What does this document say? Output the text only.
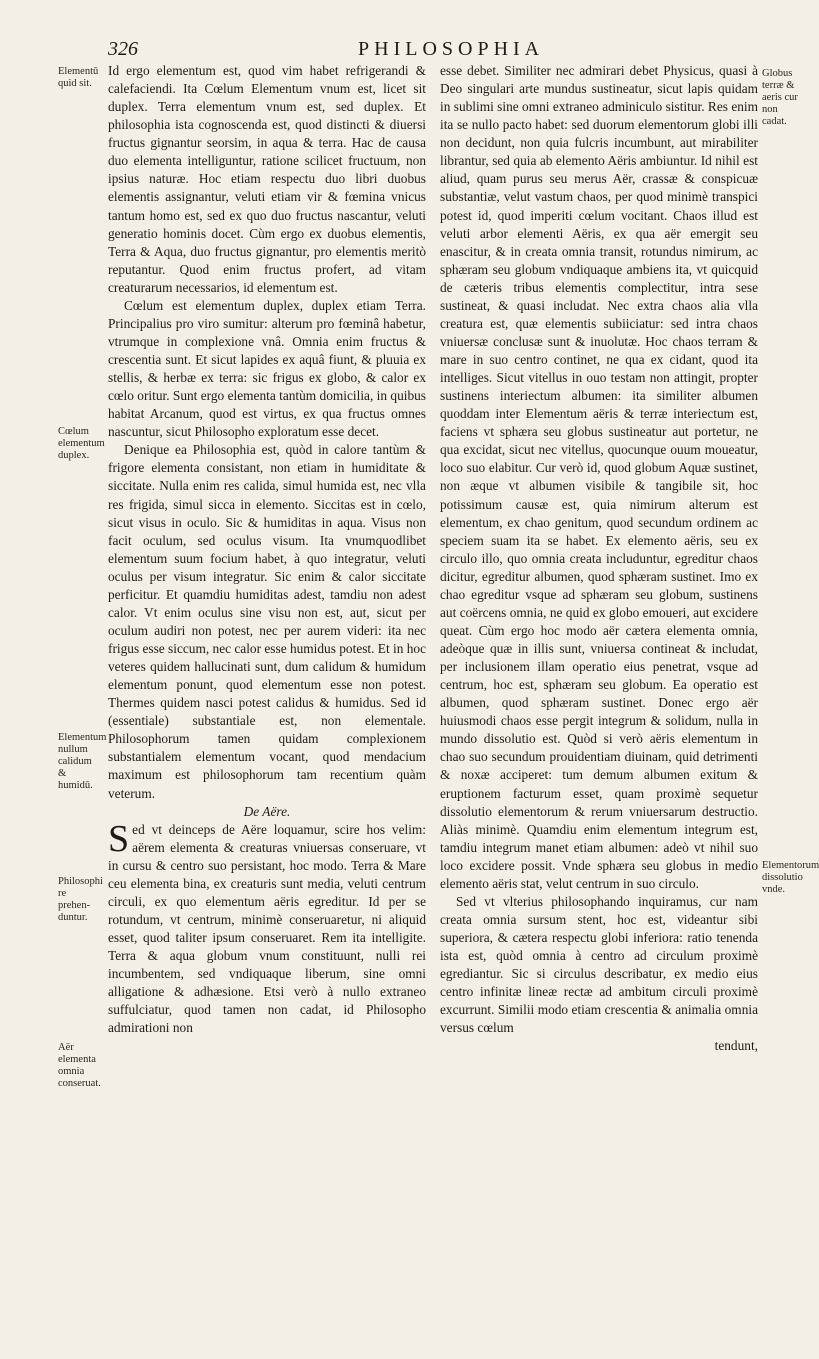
326	PHILOSOPHIA
Elementū quid sit.
Cœlum elementum duplex.
Elementum nullum calidum & humidū.
Philosophi re prehen- duntur.
Aër elementa omnia conseruat.
Globus terræ & aeris cur non cadat.
Elementorum dissolutio vnde.

Id ergo elementum est, quod vim habet refrigerandi & calefaciendi. Ita Cœlum Elementum vnum est, licet sit duplex. Terra elementum vnum est, sed duplex. Et philosophia ista cognoscenda est, quod distincti & diuersi fructus gignantur seorsim, in aqua & terra. Hac de causa duo elementa intelliguntur, ratione scilicet fructuum, non ipsius naturæ. Hoc etiam respectu duo libri duobus elementis assignantur, veluti etiam vir & fœmina vnicus tantum homo est, sed ex quo duo fructus nascantur, veluti generatio hominis docet. Cùm ergo ex duobus elementis, Terra & Aqua, duo fructus gignantur, pro elementis meritò reputantur. Quod enim fructus profert, ad vitam creaturarum necessarios, id elementum est.

Cœlum est elementum duplex, duplex etiam Terra. Principalius pro viro sumitur: alterum pro fœminâ habetur, vtrumque in complexione vnâ. Omnia enim fructus & crescentia sunt. Et sicut lapides ex aquâ fiunt, & pluuia ex stellis, & herbæ ex terra: sic frigus ex globo, & calor ex cœlo oritur. Sunt ergo elementa tantùm domicilia, in quibus habitat Arcanum, quod est virtus, ex qua fructus omnes nascuntur, sicut Philosopho exploratum esse decet.

Denique ea Philosophia est, quòd in calore tantùm & frigore elementa consistant, non etiam in humiditate & siccitate. Nulla enim res calida, simul humida est, nec vlla res frigida, simul sicca in elemento. Siccitas est in cœlo, sicut visus in oculo. Sic & humiditas in aqua. Visus non facit oculum, sed oculus visum. Ita vnumquodlibet elementum suum focium habet, à quo integratur, veluti oculus per visum integratur. Sic enim & calor siccitate perficitur. Et quamdiu humiditas adest, tamdiu non adest calor. Vt enim oculus sine visu non est, aut, sicut per oculum audiri non potest, nec per aurem videri: ita nec frigus esse siccum, nec calor esse humidus potest. Et in hoc veteres quidem hallucinati sunt, dum calidum & humidum elementum ponunt, quod elementum esse non potest. Thermes quidem nasci potest calidus & humidus. Sed id (essentiale) substantiale est, non elementale. Philosophorum tamen quidam complexionem substantialem elementum vocant, quod mendacium maximum est philosophorum tam recentium quàm veterum.

De Aëre.

Sed vt deinceps de Aëre loquamur, scire hos velim: aërem elementa & creaturas vniuersas conseruare, vt in cursu & centro suo persistant, hoc modo. Terra & Mare ceu elementa bina, ex creaturis sunt media, veluti centrum circuli, ex quo elementum aëris egreditur. Id per se rotundum, vt centrum, minimè conseruaretur, ni aliquid esset, quod taliter ipsum conseruaret. Rem ita intelligite. Terra & aqua globum vnum constituunt, nulli rei incumbentem, sed vndiquaque liberum, sine omni alligatione & adhæsione. Etsi verò à nullo extraneo suffulciatur, quod tamen non cadat, id Philosopho admirationi non

esse debet. Similiter nec admirari debet Physicus, quasi à Deo singulari arte mundus sustineatur, sicut lapis quidam in sublimi sine omni extraneo adminiculo sistitur. Res enim ita se nullo pacto habet: sed duorum elementorum globi illi non decidunt, non quia fulcris incumbunt, aut mirabiliter librantur, sed quia ab elemento Aëris ambiuntur. Id nihil est aliud, quam purus seu merus Aër, crassæ & conspicuæ substantiæ, velut vastum chaos, per quod minimè transpici potest id, quod imperiti cœlum vocitant. Chaos illud est veluti arbor elementi Aëris, ex qua aër emergit seu enascitur, & in creata omnia transit, rotundus nimirum, ac sphæram seu globum vndiquaque ambiens ita, vt quicquid de cæteris tribus elementis complectitur, intra sese sustineat, & quasi includat. Nec extra chaos alia vlla creatura est, quæ elementis subiiciatur: sed intra chaos vniuersæ conclusæ sunt & inuolutæ. Hoc chaos terram & mare in suo centro continet, ne qua ex cidant, quod ita intelliges. Sicut vitellus in ouo testam non attingit, propter sustinens interiectum albumen: ita similiter albumen quoddam inter Elementum aëris & terræ interiectum est, faciens vt sphæra seu globus sustineatur aut portetur, ne qua excidat, sicut nec vitellus, quocunque ouum moueatur, loco suo elabitur. Cur verò id, quod globum Aquæ sustinet, non æque vt albumen visibile & tangibile sit, hoc potissimum causæ est, quia nimirum alterum est elementum, ex chao genitum, quod secundum ordinem ac speciem suam ita se habet. Ex elemento aëris, seu ex circulo illo, quo omnia creata includuntur, egreditur chaos dicitur, egreditur albumen, quod sphæram sustinet. Imo ex chao egreditur vsque ad sphæram seu globum, sustinens aut coërcens omnia, ne quid ex globo emoueri, aut excidere queat. Cùm ergo hoc modo aër cætera elementa omnia, adeòque quæ in illis sunt, vniuersa contineat & includat, per inclusionem illam operatio eius penetrat, vsque ad centrum, hoc est, sphæram seu globum. Ea operatio est albumen, quod sphæram sustinet. Donec ergo aër huiusmodi chaos esse pergit integrum & solidum, nulla in mundo dissolutio est. Quòd si verò aëris elementum in chao suo secundum prouidentiam diuinam, quid detrimenti & noxæ acciperet: tum demum albumen exitum & eruptionem facturum esset, quam proximè sequetur dissolutio elementorum & rerum vniuersarum destructio. Aliàs minimè. Quamdiu enim elementum integrum est, tamdiu integrum manet etiam albumen: adeò vt nihil suo loco excidere possit. Vnde sphæra seu globus in medio elemento aëris stat, velut centrum in suo circulo.

Sed vt vlterius philosophando inquiramus, cur nam creata omnia sursum stent, hoc est, videantur sibi superiora, & cætera respectu globi inferiora: ratio tenenda ista est, quòd omnia à centro ad circulum proximè egrediantur. Sic si circulus describatur, ex medio eius centro infinitæ lineæ rectæ ad ambitum circuli proximè excurrunt. Similii modo etiam crescentia & animalia omnia versus cœlum

tendunt,
